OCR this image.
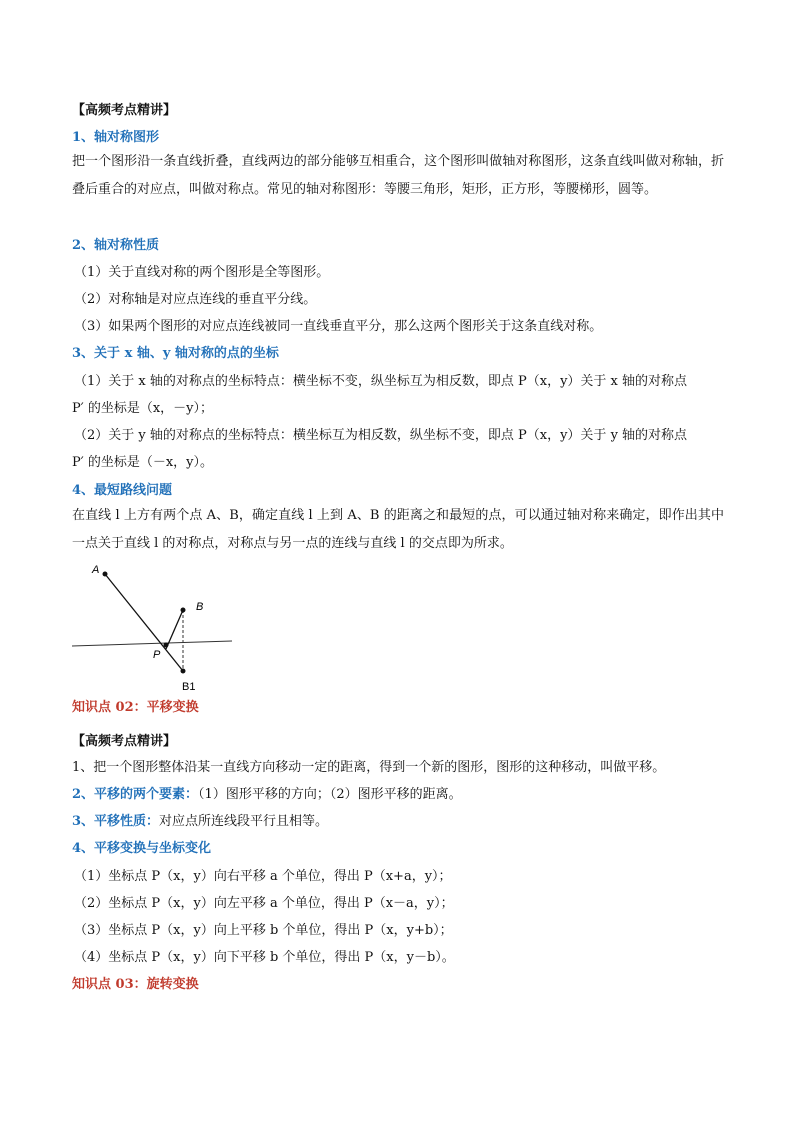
【高频考点精讲】
1、轴对称图形
把一个图形沿一条直线折叠，直线两边的部分能够互相重合，这个图形叫做轴对称图形，这条直线叫做对称轴，折叠后重合的对应点，叫做对称点。常见的轴对称图形：等腰三角形，矩形，正方形，等腰梯形，圆等。
2、轴对称性质
（1）关于直线对称的两个图形是全等图形。
（2）对称轴是对应点连线的垂直平分线。
（3）如果两个图形的对应点连线被同一直线垂直平分，那么这两个图形关于这条直线对称。
3、关于 x 轴、y 轴对称的点的坐标
（1）关于 x 轴的对称点的坐标特点：横坐标不变，纵坐标互为相反数，即点 P（x，y）关于 x 轴的对称点
P′ 的坐标是（x，－y）；
（2）关于 y 轴的对称点的坐标特点：横坐标互为相反数，纵坐标不变，即点 P（x，y）关于 y 轴的对称点
P′ 的坐标是（－x，y）。
4、最短路线问题
在直线 l 上方有两个点 A、B，确定直线 l 上到 A、B 的距离之和最短的点，可以通过轴对称来确定，即作出其中一点关于直线 l 的对称点，对称点与另一点的连线与直线 l 的交点即为所求。
A
B
P
B1
知识点 02：平移变换
【高频考点精讲】
1、把一个图形整体沿某一直线方向移动一定的距离，得到一个新的图形，图形的这种移动，叫做平移。
2、平移的两个要素：（1）图形平移的方向；（2）图形平移的距离。
3、平移性质：对应点所连线段平行且相等。
4、平移变换与坐标变化
（1）坐标点 P（x，y）向右平移 a 个单位，得出 P（x+a，y）；
（2）坐标点 P（x，y）向左平移 a 个单位，得出 P（x－a，y）；
（3）坐标点 P（x，y）向上平移 b 个单位，得出 P（x，y+b）；
（4）坐标点 P（x，y）向下平移 b 个单位，得出 P（x，y－b）。
知识点 03：旋转变换
